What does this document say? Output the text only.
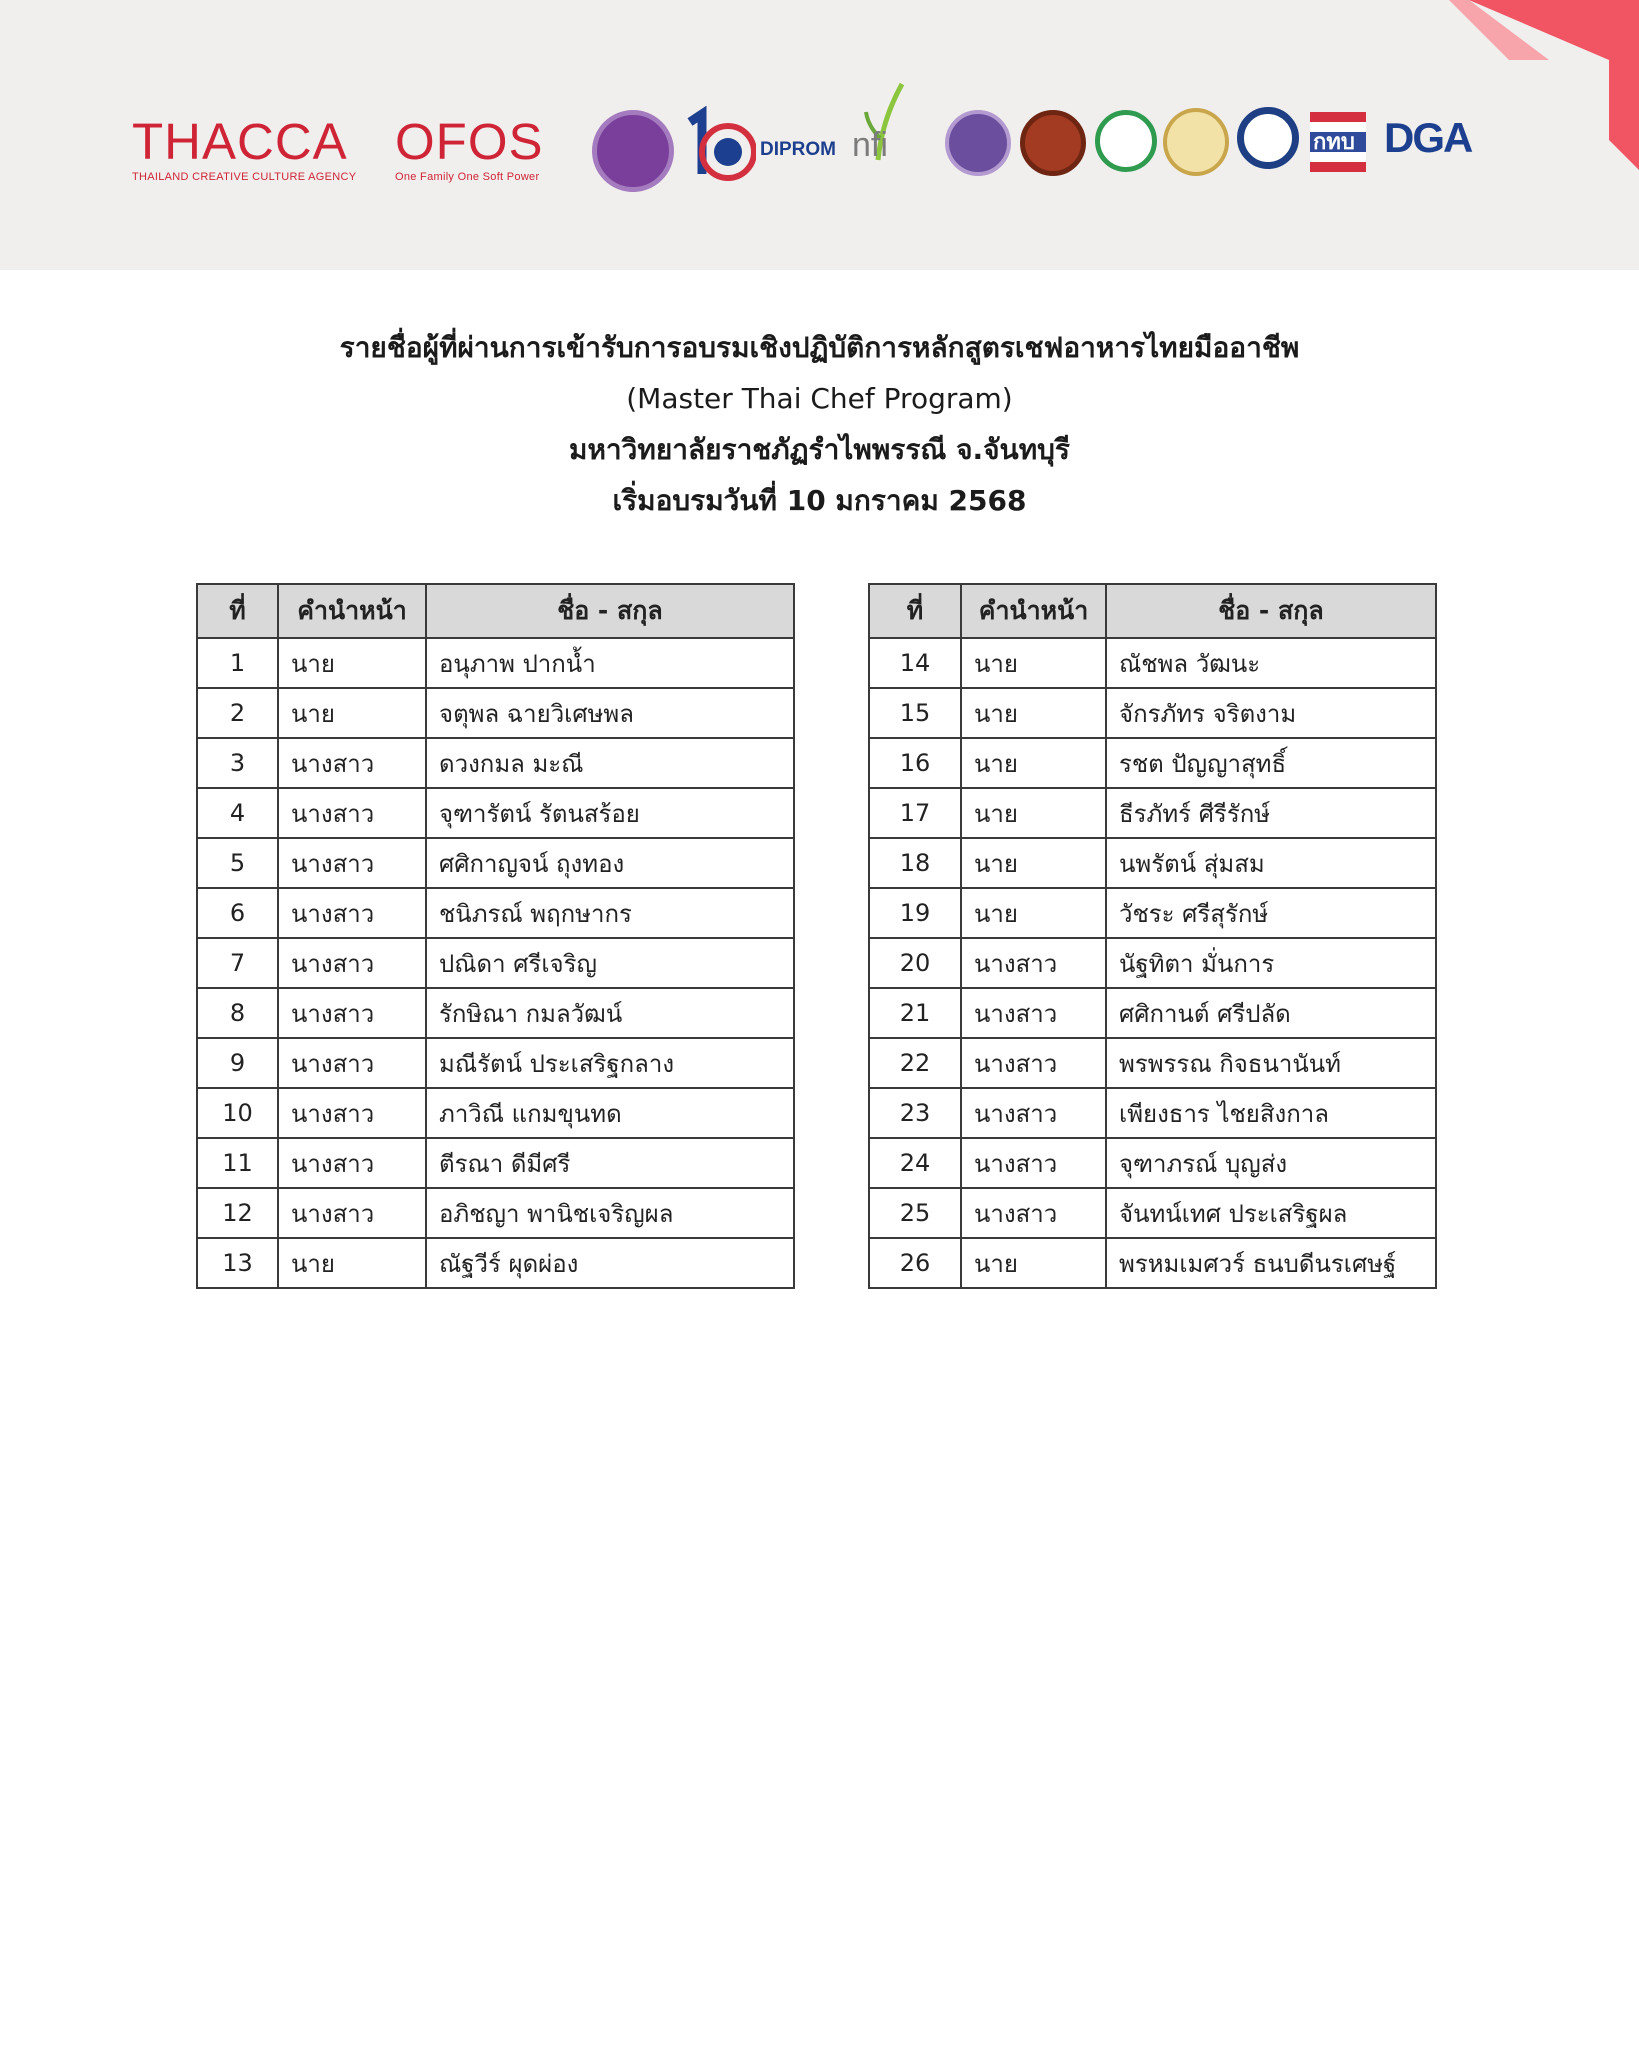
THACCA
THAILAND CREATIVE CULTURE AGENCY
OFOS
One Family One Soft Power
DIPROM nfi	กทบ DGA
รายชื่อผู้ที่ผ่านการเข้ารับการอบรมเชิงปฏิบัติการหลักสูตรเชฟอาหารไทยมืออาชีพ
(Master Thai Chef Program)
มหาวิทยาลัยราชภัฏรำไพพรรณี จ.จันทบุรี
เริ่มอบรมวันที่ 10 มกราคม 2568
ที่	คำนำหน้า	ชื่อ - สกุล
1	นาย	อนุภาพ ปากน้ำ
2	นาย	จตุพล ฉายวิเศษพล
3	นางสาว	ดวงกมล มะณี
4	นางสาว	จุฑารัตน์ รัตนสร้อย
5	นางสาว	ศศิกาญจน์ ถุงทอง
6	นางสาว	ชนิภรณ์ พฤกษากร
7	นางสาว	ปณิดา ศรีเจริญ
8	นางสาว	รักษิณา กมลวัฒน์
9	นางสาว	มณีรัตน์ ประเสริฐกลาง
10	นางสาว	ภาวิณี แกมขุนทด
11	นางสาว	ตีรณา ดีมีศรี
12	นางสาว	อภิชญา พานิชเจริญผล
13	นาย	ณัฐวีร์ ผุดผ่อง
ที่	คำนำหน้า	ชื่อ - สกุล
14	นาย	ณัชพล วัฒนะ
15	นาย	จักรภัทร จริตงาม
16	นาย	รชต ปัญญาสุทธิ์
17	นาย	ธีรภัทร์ ศีรีรักษ์
18	นาย	นพรัตน์ สุ่มสม
19	นาย	วัชระ ศรีสุรักษ์
20	นางสาว	นัฐทิตา มั่นการ
21	นางสาว	ศศิกานต์ ศรีปลัด
22	นางสาว	พรพรรณ กิจธนานันท์
23	นางสาว	เพียงธาร ไชยสิงกาล
24	นางสาว	จุฑาภรณ์ บุญส่ง
25	นางสาว	จันทน์เทศ ประเสริฐผล
26	นาย	พรหมเมศวร์ ธนบดีนรเศษฐ์
